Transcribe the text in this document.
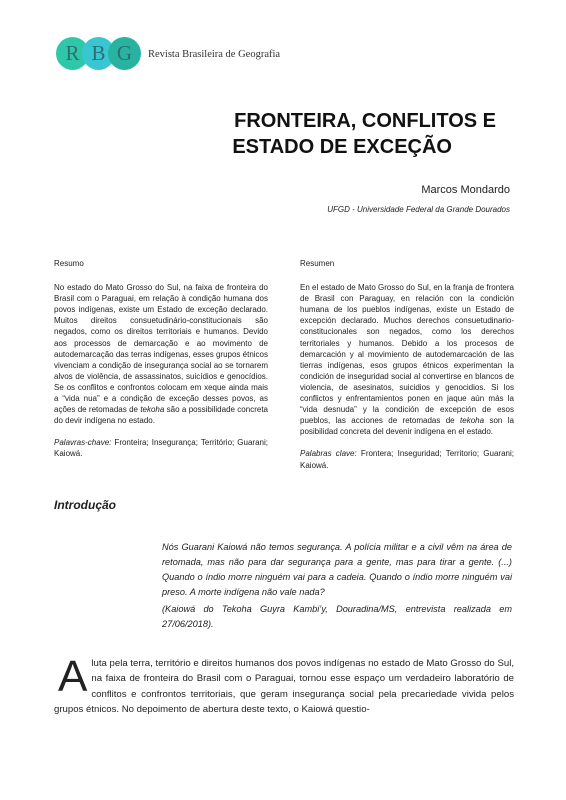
R B G	Revista Brasileira de Geografia
FRONTEIRA, CONFLITOS E
ESTADO DE EXCEÇÃO
Marcos Mondardo
UFGD - Universidade Federal da Grande Dourados
Resumo

No estado do Mato Grosso do Sul, na faixa de fronteira do Brasil com o Paraguai, em relação à condição humana dos povos indígenas, existe um Estado de exceção declarado. Muitos direitos consuetudinário-constitucionais são negados, como os direitos territoriais e humanos. Devido aos processos de demarcação e ao movimento de autodemarcação das terras indígenas, esses grupos étnicos vivenciam a condição de insegurança social ao se tornarem alvos de violência, de assassinatos, suicídios e genocídios. Se os conflitos e confrontos colocam em xeque ainda mais a “vida nua” e a condição de exceção desses povos, as ações de retomadas de tekoha são a possibilidade concreta do devir indígena no estado.

Palavras-chave: Fronteira; Insegurança; Território; Guarani; Kaiowá.

Resumen

En el estado de Mato Grosso do Sul, en la franja de frontera de Brasil con Paraguay, en relación con la condición humana de los pueblos indígenas, existe un Estado de excepción declarado. Muchos derechos consuetudinario-constitucionales son negados, como los derechos territoriales y humanos. Debido a los procesos de demarcación y al movimiento de autodemarcación de las tierras indígenas, esos grupos étnicos experimentan la condición de inseguridad social al convertirse en blancos de violencia, de asesinatos, suicidios y genocidios. Si los conflictos y enfrentamientos ponen en jaque aún más la “vida desnuda” y la condición de excepción de esos pueblos, las acciones de retomadas de tekoha son la posibilidad concreta del devenir indígena en el estado.

Palabras clave: Frontera; Inseguridad; Territorio; Guarani; Kaiowá.

Introdução

Nós Guarani Kaiowá não temos segurança. A polícia militar e a civil vêm na área de retomada, mas não para dar segurança para a gente, mas para tirar a gente. (...) Quando o índio morre ninguém vai para a cadeia. Quando o índio morre ninguém vai preso. A morte indígena não vale nada?

(Kaiowá do Tekoha Guyra Kambi’y, Douradina/MS, entrevista realizada em 27/06/2018).

Aluta pela terra, território e direitos humanos dos povos indígenas no estado de Mato Grosso do Sul, na faixa de fronteira do Brasil com o Paraguai, tornou esse espaço um verdadeiro laboratório de conflitos e confrontos territoriais, que geram insegurança social pela precariedade vivida pelos grupos étnicos. No depoimento de abertura deste texto, o Kaiowá questio-
